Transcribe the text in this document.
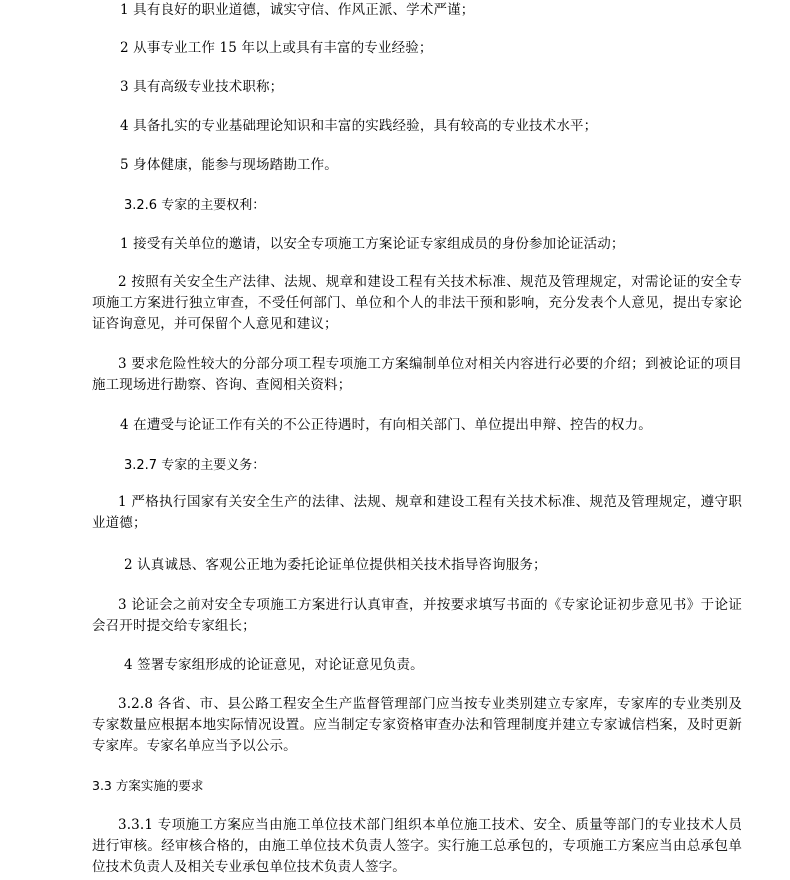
1 具有良好的职业道德，诚实守信、作风正派、学术严谨；

2 从事专业工作 15 年以上或具有丰富的专业经验；

3 具有高级专业技术职称；

4 具备扎实的专业基础理论知识和丰富的实践经验，具有较高的专业技术水平；

5 身体健康，能参与现场踏勘工作。

3.2.6 专家的主要权利：

1 接受有关单位的邀请，以安全专项施工方案论证专家组成员的身份参加论证活动；

2 按照有关安全生产法律、法规、规章和建设工程有关技术标准、规范及管理规定，对需论证的安全专项施工方案进行独立审查，不受任何部门、单位和个人的非法干预和影响，充分发表个人意见，提出专家论证咨询意见，并可保留个人意见和建议；

3 要求危险性较大的分部分项工程专项施工方案编制单位对相关内容进行必要的介绍；到被论证的项目施工现场进行勘察、咨询、查阅相关资料；

4 在遭受与论证工作有关的不公正待遇时，有向相关部门、单位提出申辩、控告的权力。

3.2.7 专家的主要义务：

1 严格执行国家有关安全生产的法律、法规、规章和建设工程有关技术标准、规范及管理规定，遵守职业道德；

2 认真诚恳、客观公正地为委托论证单位提供相关技术指导咨询服务；

3 论证会之前对安全专项施工方案进行认真审查，并按要求填写书面的《专家论证初步意见书》于论证会召开时提交给专家组长；

4 签署专家组形成的论证意见，对论证意见负责。

3.2.8 各省、市、县公路工程安全生产监督管理部门应当按专业类别建立专家库，专家库的专业类别及专家数量应根据本地实际情况设置。应当制定专家资格审查办法和管理制度并建立专家诚信档案，及时更新专家库。专家名单应当予以公示。

3.3 方案实施的要求

3.3.1 专项施工方案应当由施工单位技术部门组织本单位施工技术、安全、质量等部门的专业技术人员进行审核。经审核合格的，由施工单位技术负责人签字。实行施工总承包的，专项施工方案应当由总承包单位技术负责人及相关专业承包单位技术负责人签字。
